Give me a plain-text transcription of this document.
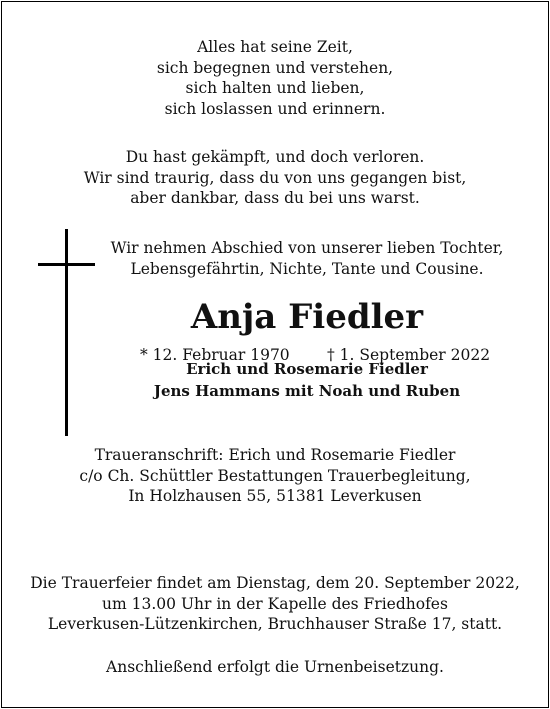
Alles hat seine Zeit,
sich begegnen und verstehen,
sich halten und lieben,
sich loslassen und erinnern.
Du hast gekämpft, und doch verloren.
Wir sind traurig, dass du von uns gegangen bist,
aber dankbar, dass du bei uns warst.
Wir nehmen Abschied von unserer lieben Tochter,
Lebensgefährtin, Nichte, Tante und Cousine.
Anja Fiedler
* 12. Februar 1970 † 1. September 2022
Erich und Rosemarie Fiedler
Jens Hammans mit Noah und Ruben
Traueranschrift: Erich und Rosemarie Fiedler
c/o Ch. Schüttler Bestattungen Trauerbegleitung,
In Holzhausen 55, 51381 Leverkusen
Die Trauerfeier findet am Dienstag, dem 20. September 2022,
um 13.00 Uhr in der Kapelle des Friedhofes
Leverkusen-Lützenkirchen, Bruchhauser Straße 17, statt.
Anschließend erfolgt die Urnenbeisetzung.
